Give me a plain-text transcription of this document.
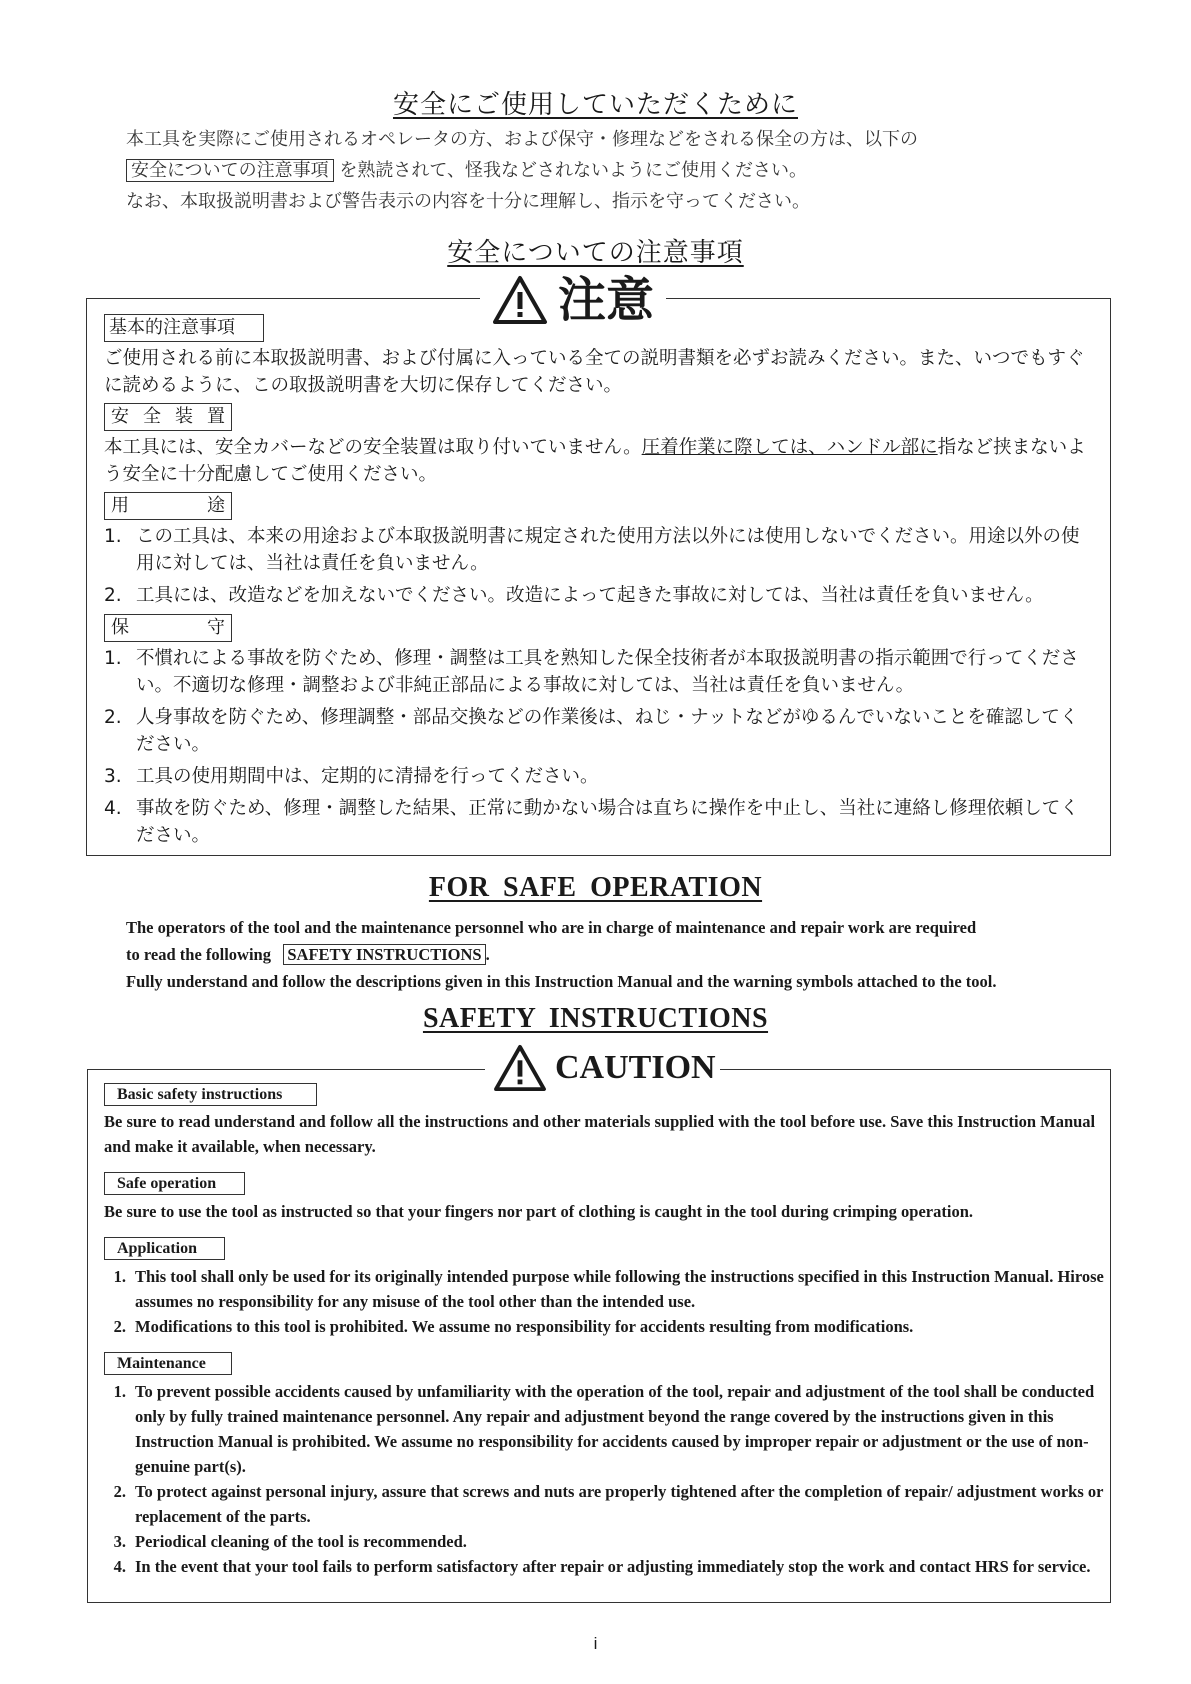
安全にご使用していただくために
本工具を実際にご使用されるオペレータの方、および保守・修理などをされる保全の方は、以下の
安全についての注意事項 を熟読されて、怪我などされないようにご使用ください。
なお、本取扱説明書および警告表示の内容を十分に理解し、指示を守ってください。
安全についての注意事項
注意
基本的注意事項
ご使用される前に本取扱説明書、および付属に入っている全ての説明書類を必ずお読みください。また、いつでもすぐに読めるように、この取扱説明書を大切に保存してください。
安 全 装 置
本工具には、安全カバーなどの安全装置は取り付いていません。圧着作業に際しては、ハンドル部に指など挟まないよう安全に十分配慮してご使用ください。
用	途
1. この工具は、本来の用途および本取扱説明書に規定された使用方法以外には使用しないでください。用途以外の使用に対しては、当社は責任を負いません。
2. 工具には、改造などを加えないでください。改造によって起きた事故に対しては、当社は責任を負いません。
保	守
1. 不慣れによる事故を防ぐため、修理・調整は工具を熟知した保全技術者が本取扱説明書の指示範囲で行ってください。不適切な修理・調整および非純正部品による事故に対しては、当社は責任を負いません。
2. 人身事故を防ぐため、修理調整・部品交換などの作業後は、ねじ・ナットなどがゆるんでいないことを確認してください。
3. 工具の使用期間中は、定期的に清掃を行ってください。
4. 事故を防ぐため、修理・調整した結果、正常に動かない場合は直ちに操作を中止し、当社に連絡し修理依頼してください。
FOR SAFE OPERATION
The operators of the tool and the maintenance personnel who are in charge of maintenance and repair work are required
to read the following SAFETY INSTRUCTIONS .
Fully understand and follow the descriptions given in this Instruction Manual and the warning symbols attached to the tool.
SAFETY INSTRUCTIONS
CAUTION
Basic safety instructions
Be sure to read understand and follow all the instructions and other materials supplied with the tool before use. Save this Instruction Manual and make it available, when necessary.
Safe operation
Be sure to use the tool as instructed so that your fingers nor part of clothing is caught in the tool during crimping operation.
Application
1. This tool shall only be used for its originally intended purpose while following the instructions specified in this Instruction Manual. Hirose assumes no responsibility for any misuse of the tool other than the intended use.
2. Modifications to this tool is prohibited. We assume no responsibility for accidents resulting from modifications.
Maintenance
1. To prevent possible accidents caused by unfamiliarity with the operation of the tool, repair and adjustment of the tool shall be conducted only by fully trained maintenance personnel. Any repair and adjustment beyond the range covered by the instructions given in this Instruction Manual is prohibited. We assume no responsibility for accidents caused by improper repair or adjustment or the use of non-genuine part(s).
2. To protect against personal injury, assure that screws and nuts are properly tightened after the completion of repair/ adjustment works or replacement of the parts.
3. Periodical cleaning of the tool is recommended.
4. In the event that your tool fails to perform satisfactory after repair or adjusting immediately stop the work and contact HRS for service.
i
